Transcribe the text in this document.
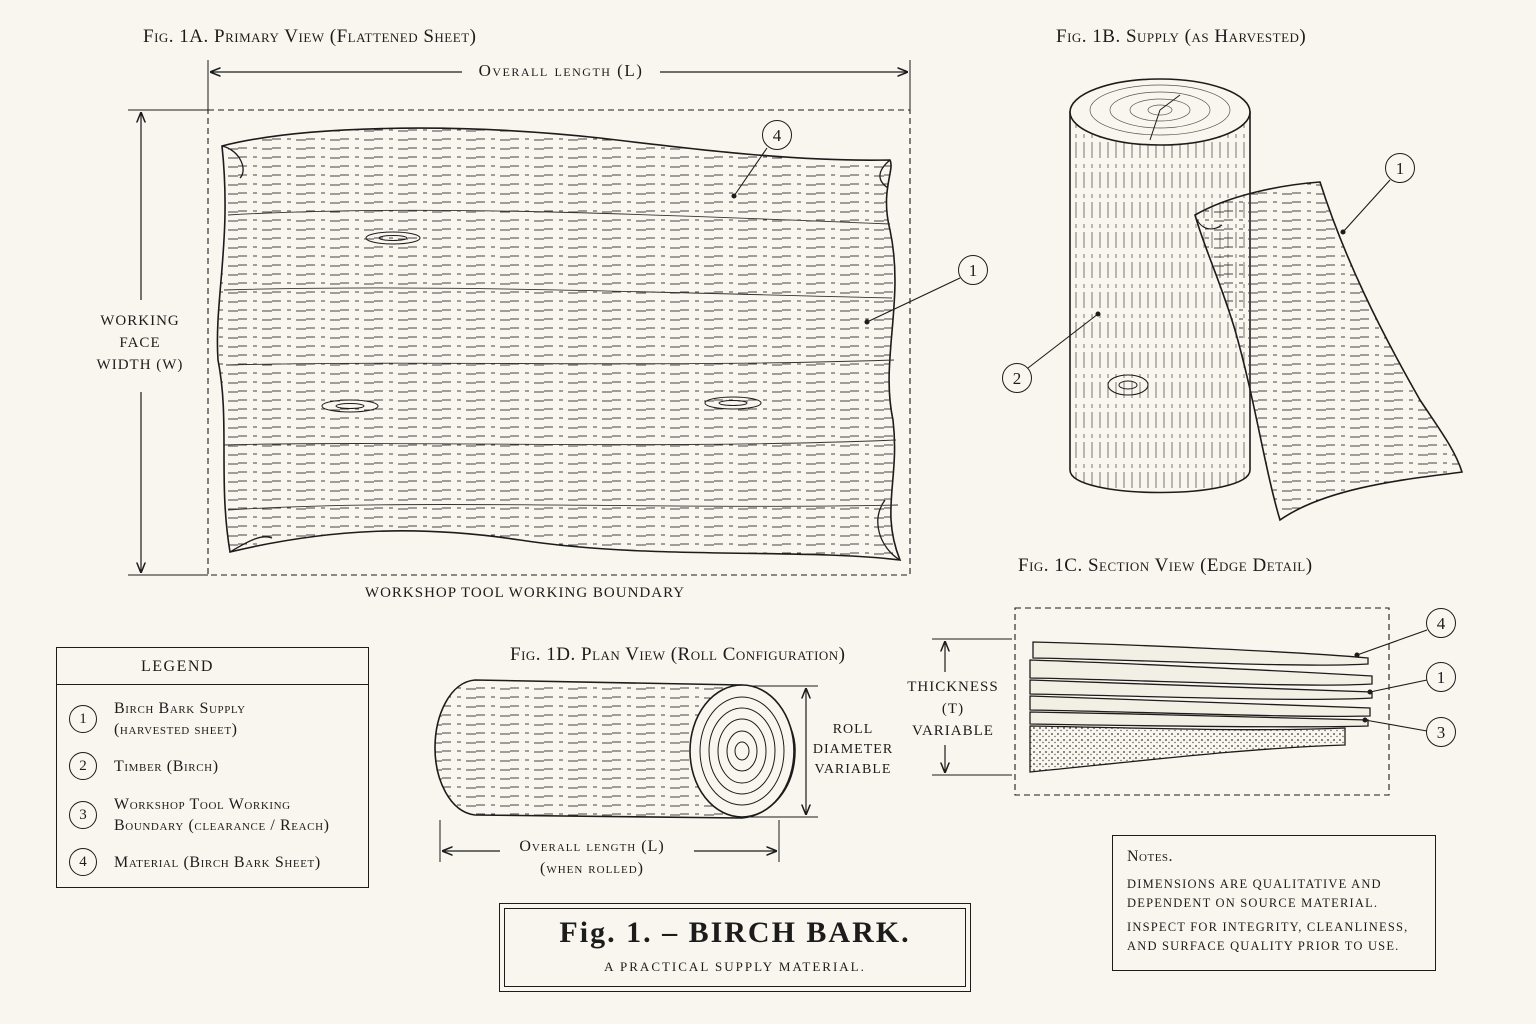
Fig. 1A. Primary View (Flattened Sheet)
Overall length (L)
WORKING
FACE
WIDTH (W)
WORKSHOP TOOL WORKING BOUNDARY
4
1
Fig. 1B. Supply (as Harvested)
1
2
Fig. 1C. Section View (Edge Detail)
THICKNESS
(T)
VARIABLE
4
1
3
Fig. 1D. Plan View (Roll Configuration)
ROLL
DIAMETER
VARIABLE
Overall length (L)
(when rolled)
LEGEND
1
Birch Bark Supply
(harvested sheet)
2	Timber (Birch)
3
Workshop Tool Working
Boundary (clearance / Reach)
4	Material (Birch Bark Sheet)
Fig. 1. – BIRCH BARK.
A PRACTICAL SUPPLY MATERIAL.
Notes.
DIMENSIONS ARE QUALITATIVE AND
DEPENDENT ON SOURCE MATERIAL.
INSPECT FOR INTEGRITY, CLEANLINESS,
AND SURFACE QUALITY PRIOR TO USE.
